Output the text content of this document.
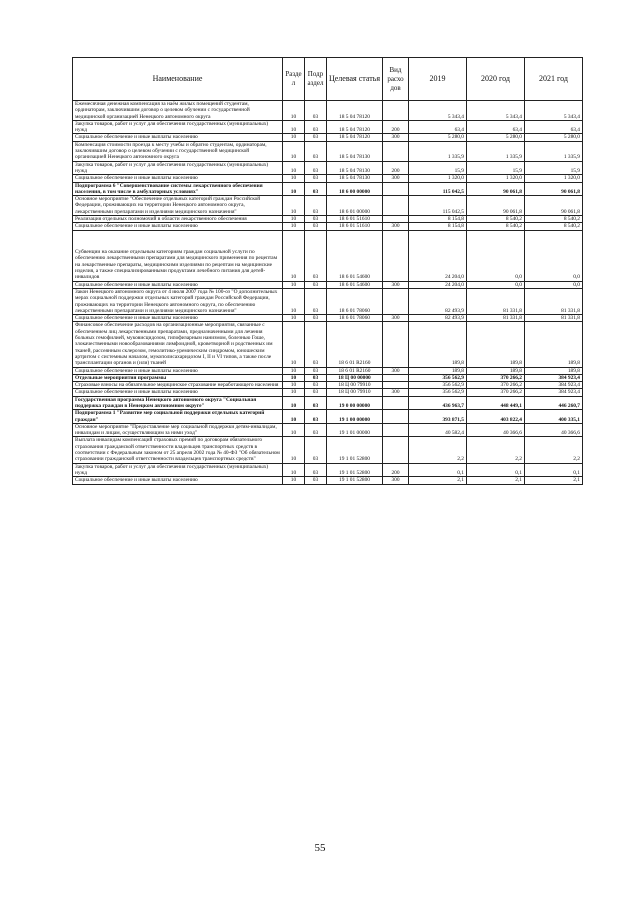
Наименование	Разде л	Подр аздел	Целевая статья	Вид расхо дов	2019	2020 год	2021 год
Ежемесячная денежная компенсация за наём жилых помещений студентам, ординаторам, заключившим договор о целевом обучении с государственной медицинской организацией Ненецкого автономного округа	10	03	18 5 04 78120		5 343,4	5 343,4	5 343,4
Закупка товаров, работ и услуг для обеспечения государственных (муниципальных) нужд	10	03	18 5 04 78120	200	63,4	63,4	63,4
Социальное обеспечение и иные выплаты населению	10	03	18 5 04 78120	300	5 280,0	5 280,0	5 280,0
Компенсация стоимости проезда к месту учебы и обратно студентам, ординаторам, заключившим договор о целевом обучении с государственной медицинской организацией Ненецкого автономного округа	10	03	18 5 04 78130		1 335,9	1 335,9	1 335,9
Закупка товаров, работ и услуг для обеспечения государственных (муниципальных) нужд	10	03	18 5 04 78130	200	15,9	15,9	15,9
Социальное обеспечение и иные выплаты населению	10	03	18 5 04 78130	300	1 320,0	1 320,0	1 320,0
Подпрограмма 6 "Совершенствование системы лекарственного обеспечения населения, в том числе в амбулаторных условиях"	10	03	18 6 00 00000		115 042,5	90 061,8	90 061,8
Основное мероприятие "Обеспечение отдельных категорий граждан Российской Федерации, проживающих на территории Ненецкого автономного округа, лекарственными препаратами и изделиями медицинского назначения"	10	03	18 6 01 00000		115 042,5	90 061,8	90 061,8
Реализация отдельных полномочий в области лекарственного обеспечения	10	03	18 6 01 51610		8 154,8	8 540,2	8 540,2
Социальное обеспечение и иные выплаты населению	10	03	18 6 01 51610	300	8 154,8	8 540,2	8 540,2
Субвенции на оказание отдельным категориям граждан социальной услуги по обеспечению лекарственными препаратами для медицинского применения по рецептам на лекарственные препараты, медицинскими изделиями по рецептам на медицинские изделия, а также специализированными продуктами лечебного питания для детей-инвалидов	10	03	18 6 01 54600		24 204,0	0,0	0,0
Социальное обеспечение и иные выплаты населению	10	03	18 6 01 54600	300	24 204,0	0,0	0,0
Закон Ненецкого автономного округа от 4 июля 2007 года № 100-оз "О дополнительных мерах социальной поддержки отдельных категорий граждан Российской Федерации, проживающих на территории Ненецкого автономного округа, по обеспечению лекарственными препаратами и изделиями медицинского назначения"	10	03	18 6 01 78060		82 493,9	81 331,8	81 331,8
Социальное обеспечение и иные выплаты населению	10	03	18 6 01 78060	300	82 493,9	81 331,8	81 331,8
Финансовое обеспечение расходов на организационные мероприятия, связанные с обеспечением лиц лекарственными препаратами, предназначенными для лечения больных гемофилией, муковисцидозом, гипофизарным нанизмом, болезнью Гоше, злокачественными новообразованиями лимфоидной, кроветворной и родственных им тканей, рассеянным склерозом, гемолитико-уремическим синдромом, юношеским артритом с системным началом, мукополисахаридозом I, II и VI типов, а также после трансплантации органов и (или) тканей	10	03	18 6 01 R2160		189,8	189,8	189,8
Социальное обеспечение и иные выплаты населению	10	03	18 6 01 R2160	300	189,8	189,8	189,8
Отдельные мероприятия программы	10	03	18 Ц 00 00000		356 562,9	370 266,2	384 923,4
Страховые взносы на обязательное медицинское страхование неработающего населения	10	03	18 Ц 00 79910		356 562,9	370 266,2	384 923,4
Социальное обеспечение и иные выплаты населению	10	03	18 Ц 00 79910	300	356 562,9	370 266,2	384 923,4
Государственная программа Ненецкого автономного округа "Социальная поддержка граждан в Ненецком автономном округе"	10	03	19 0 00 00000		436 963,7	448 449,1	446 260,7
Подпрограмма 1 "Развитие мер социальной поддержки отдельных категорий граждан"	10	03	19 1 00 00000		393 871,5	403 822,4	400 335,1
Основное мероприятие "Предоставление мер социальной поддержки детям-инвалидам, инвалидам и лицам, осуществляющим за ними уход"	10	03	19 1 01 00000		40 582,4	40 366,6	40 366,6
Выплата инвалидам компенсаций страховых премий по договорам обязательного страхования гражданской ответственности владельцев транспортных средств в соответствии с Федеральным законом от 25 апреля 2002 года № 40-ФЗ "Об обязательном страховании гражданской ответственности владельцев транспортных средств"	10	03	19 1 01 52800		2,2	2,2	2,2
Закупка товаров, работ и услуг для обеспечения государственных (муниципальных) нужд	10	03	19 1 01 52800	200	0,1	0,1	0,1
Социальное обеспечение и иные выплаты населению	10	03	19 1 01 52800	300	2,1	2,1	2,1
55
